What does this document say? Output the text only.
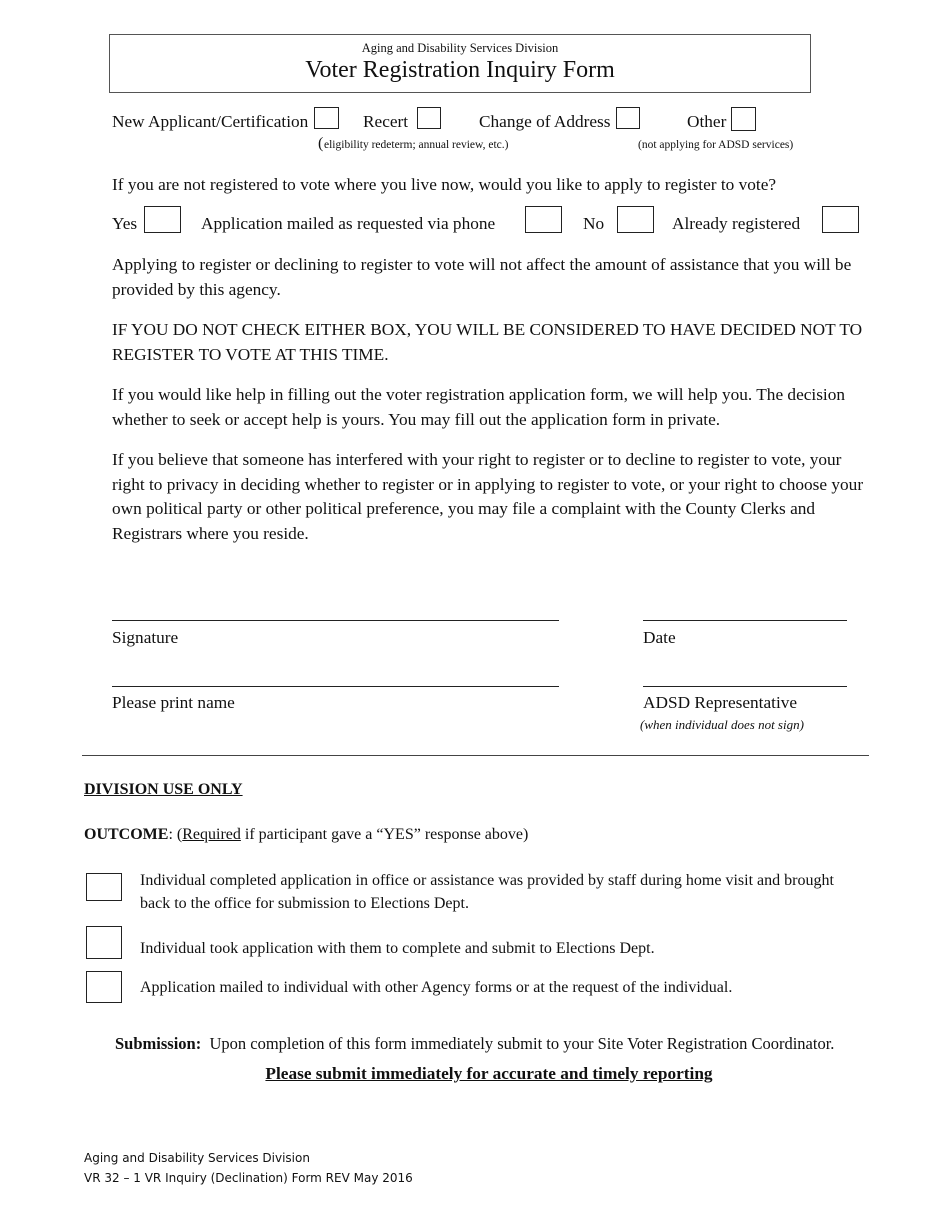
Aging and Disability Services Division
Voter Registration Inquiry Form
New Applicant/Certification	Recert	Change of Address	Other
( eligibility redeterm; annual review, etc.)	(not applying for ADSD services)
If you are not registered to vote where you live now, would you like to apply to register to vote?
Yes	Application mailed as requested via phone	No	Already registered
Applying to register or declining to register to vote will not affect the amount of assistance that you will be provided by this agency.
IF YOU DO NOT CHECK EITHER BOX, YOU WILL BE CONSIDERED TO HAVE DECIDED NOT TO REGISTER TO VOTE AT THIS TIME.
If you would like help in filling out the voter registration application form, we will help you. The decision whether to seek or accept help is yours. You may fill out the application form in private.
If you believe that someone has interfered with your right to register or to decline to register to vote, your right to privacy in deciding whether to register or in applying to register to vote, or your right to choose your own political party or other political preference, you may file a complaint with the County Clerks and Registrars where you reside.
Signature	Date
Please print name	ADSD Representative
(when individual does not sign)
DIVISION USE ONLY
OUTCOME: (Required if participant gave a “YES” response above)
Individual completed application in office or assistance was provided by staff during home visit and brought back to the office for submission to Elections Dept.
Individual took application with them to complete and submit to Elections Dept.
Application mailed to individual with other Agency forms or at the request of the individual.
Submission: Upon completion of this form immediately submit to your Site Voter Registration Coordinator.
Please submit immediately for accurate and timely reporting
Aging and Disability Services Division
VR 32 – 1 VR Inquiry (Declination) Form REV May 2016
